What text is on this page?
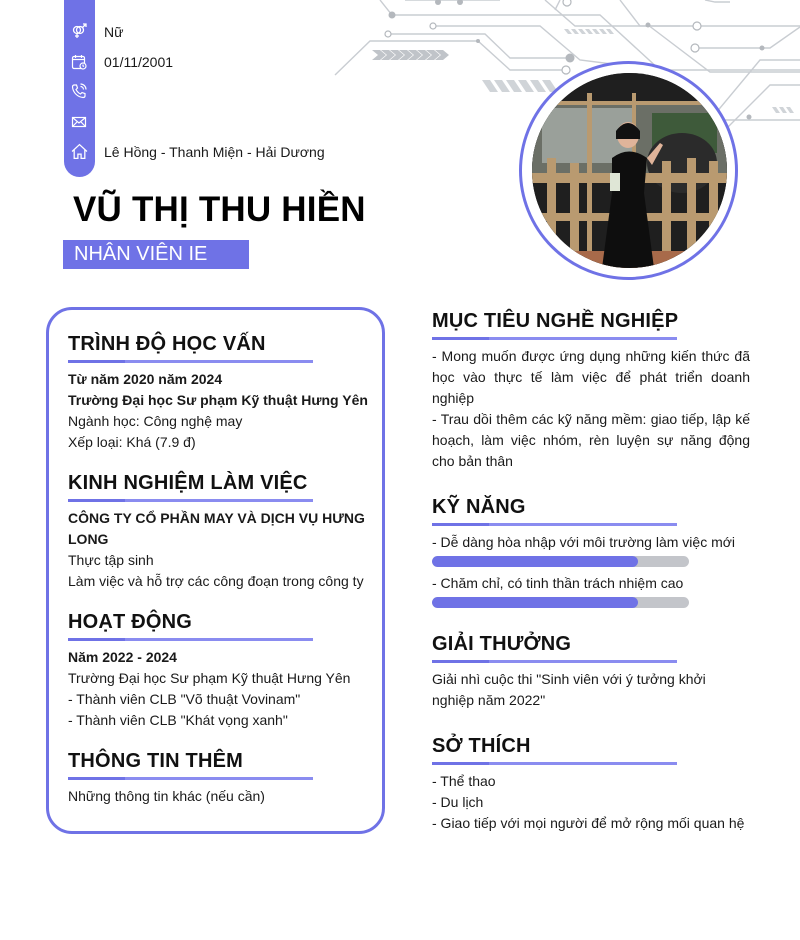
Nữ
01/11/2001
Lê Hồng - Thanh Miện - Hải Dương
VŨ THỊ THU HIỀN
NHÂN VIÊN IE
TRÌNH ĐỘ HỌC VẤN
Từ năm 2020 năm 2024
Trường Đại học Sư phạm Kỹ thuật Hưng Yên
Ngành học: Công nghệ may
Xếp loại: Khá (7.9 đ)
KINH NGHIỆM LÀM VIỆC
CÔNG TY CỔ PHẦN MAY VÀ DỊCH VỤ HƯNG
LONG
Thực tập sinh
Làm việc và hỗ trợ các công đoạn trong công ty
HOẠT ĐỘNG
Năm 2022 - 2024
Trường Đại học Sư phạm Kỹ thuật Hưng Yên
- Thành viên CLB "Võ thuật Vovinam"
- Thành viên CLB "Khát vọng xanh"
THÔNG TIN THÊM
Những thông tin khác (nếu cần)
MỤC TIÊU NGHỀ NGHIỆP
- Mong muốn được ứng dụng những kiến thức đã học vào thực tế làm việc để phát triển doanh nghiệp
- Trau dồi thêm các kỹ năng mềm: giao tiếp, lập kế hoạch, làm việc nhóm, rèn luyện sự năng động cho bản thân
KỸ NĂNG
- Dễ dàng hòa nhập với môi trường làm việc mới
- Chăm chỉ, có tinh thần trách nhiệm cao
GIẢI THƯỞNG
Giải nhì cuộc thi "Sinh viên với ý tưởng khởi nghiệp năm 2022"
SỞ THÍCH
- Thể thao
- Du lịch
- Giao tiếp với mọi người để mở rộng mối quan hệ
